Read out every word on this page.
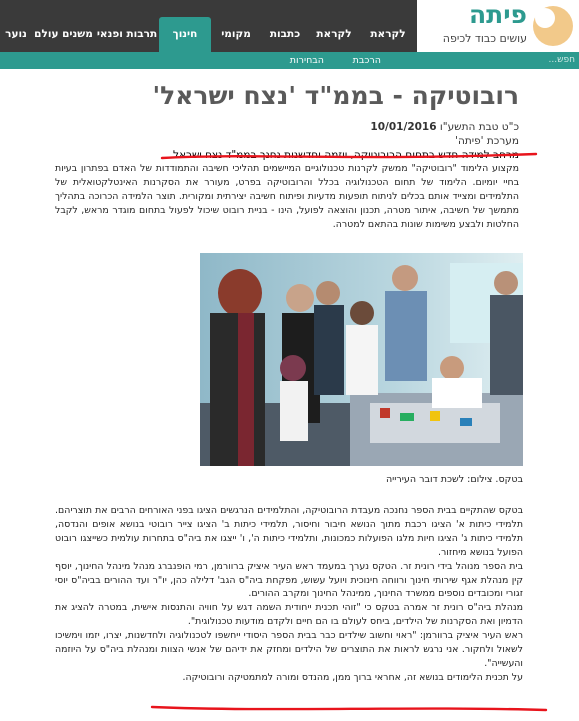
פיתה
עושים כבוד לכיפה
לקראת
לקראת
כתבות
מקומי
חינוך
תרבות ופנאי
משנים עולם
נוער
חפש...
הרכבת
הבחירות
רובוטיקה - בממ"ד 'נצח ישראל'
כ"ט טבת התשע"ו 10/01/2016
מערכת 'פיתה'
מרחב למידה חדש בתחום הרובוטיקה, יוזמה וחדשנות נחנך בממ"ד נצח ישראל.

מקצוע הלימוד "רובוטיקה" ממשק לקרנות טכנולוגיים המיישמים תהליכי חשיבה והתמודדות של האדם בפתרון בעיות בחיי יומיום. הלימוד של תחום הטכנולוגיה בכלל והרובוטיקה בפרט, מעורר את הסקרנות האינטלקטואלית של התלמידים ומצייד אותם בכלים לניתוח תופעות מדעיות ופיתוח חשיבה יצירתית ומקורית. תוצר הלמידה הכרוכה בתהליך מתמשך של חשיבה, איתור מטרה, תכנון והוצאה לפועל, הינו - בניית רובוט שיכול לפעול בתחום מוגדר מראש, לקבל החלטות ולבצע משימות שונות בהתאם למטרה.

בטקס. צילום: לשכת דובר העירייה

בטקס שהתקיים בבית הספר נחנכה מעבדת הרובוטיקה, והתלמידים הנרגשים הציגו בפני האורחים הרבים את תוצריהם. תלמידי כיתות א' הציגו רכבת מתוך הנושא חיבור וחיסור, תלמידי כיתות ב' הציגו צייר רובוטי בנושא אופים והנדסה, תלמידי כיתות ג' הציגו חיות מלגו הפועלות כמכונות, ותלמידי כיתות ה', ו' ייצגו את ביה"ס בתחרות עולמית כשייצגו רובוט הפועל בנושא מיחזור.

בית הספר מנוהל בידי רונית זר. הטקס נערך במעמד ראש העיר איציק ברוורמן, רמי הופנברג מנהל מינהל החינוך, יוסף קין מנהלת אגף שירותי חינוך ורווחה חינוכית ויועל עשוש, מפקחת ביה"ס הגב' דלילה כהן, יו"ר ועד ההורים בביה"ס יוסי זגורי ומכובדים נוספים ממשרד החינוך, ממינהל החינוך ומקרב ההורים.

מנהלת ביה"ס רונית זר אמרה בטקס כי "זוהי תכנית ייחודית השמה דגש על חוויה והתנסות אישית, במטרה להציג את הדמיון ואת הסקרנות של הילדים, ביחס לעולם בו הם חיים ולקדם מודעות טכנולוגית".

ראש העיר איציק ברוורמן: "ראוי וחשוב שילדים כבר בבית הספר היסודי ייחשפו לטכנולוגיה ולחדשנות, יצרו, יזמו וימשיכו לשאול ולחקור. אני נרגש לראות את התוצרים של הילדים ומחזק את ידיהם של אנשי הצוות ומנהלת ביה"ס על היוזמה והעשייה".

על תכנית הלימודים בנושא זה, אחראי ברוך ממן, מהנדס ומורה למתמטיקה ורובוטיקה.
